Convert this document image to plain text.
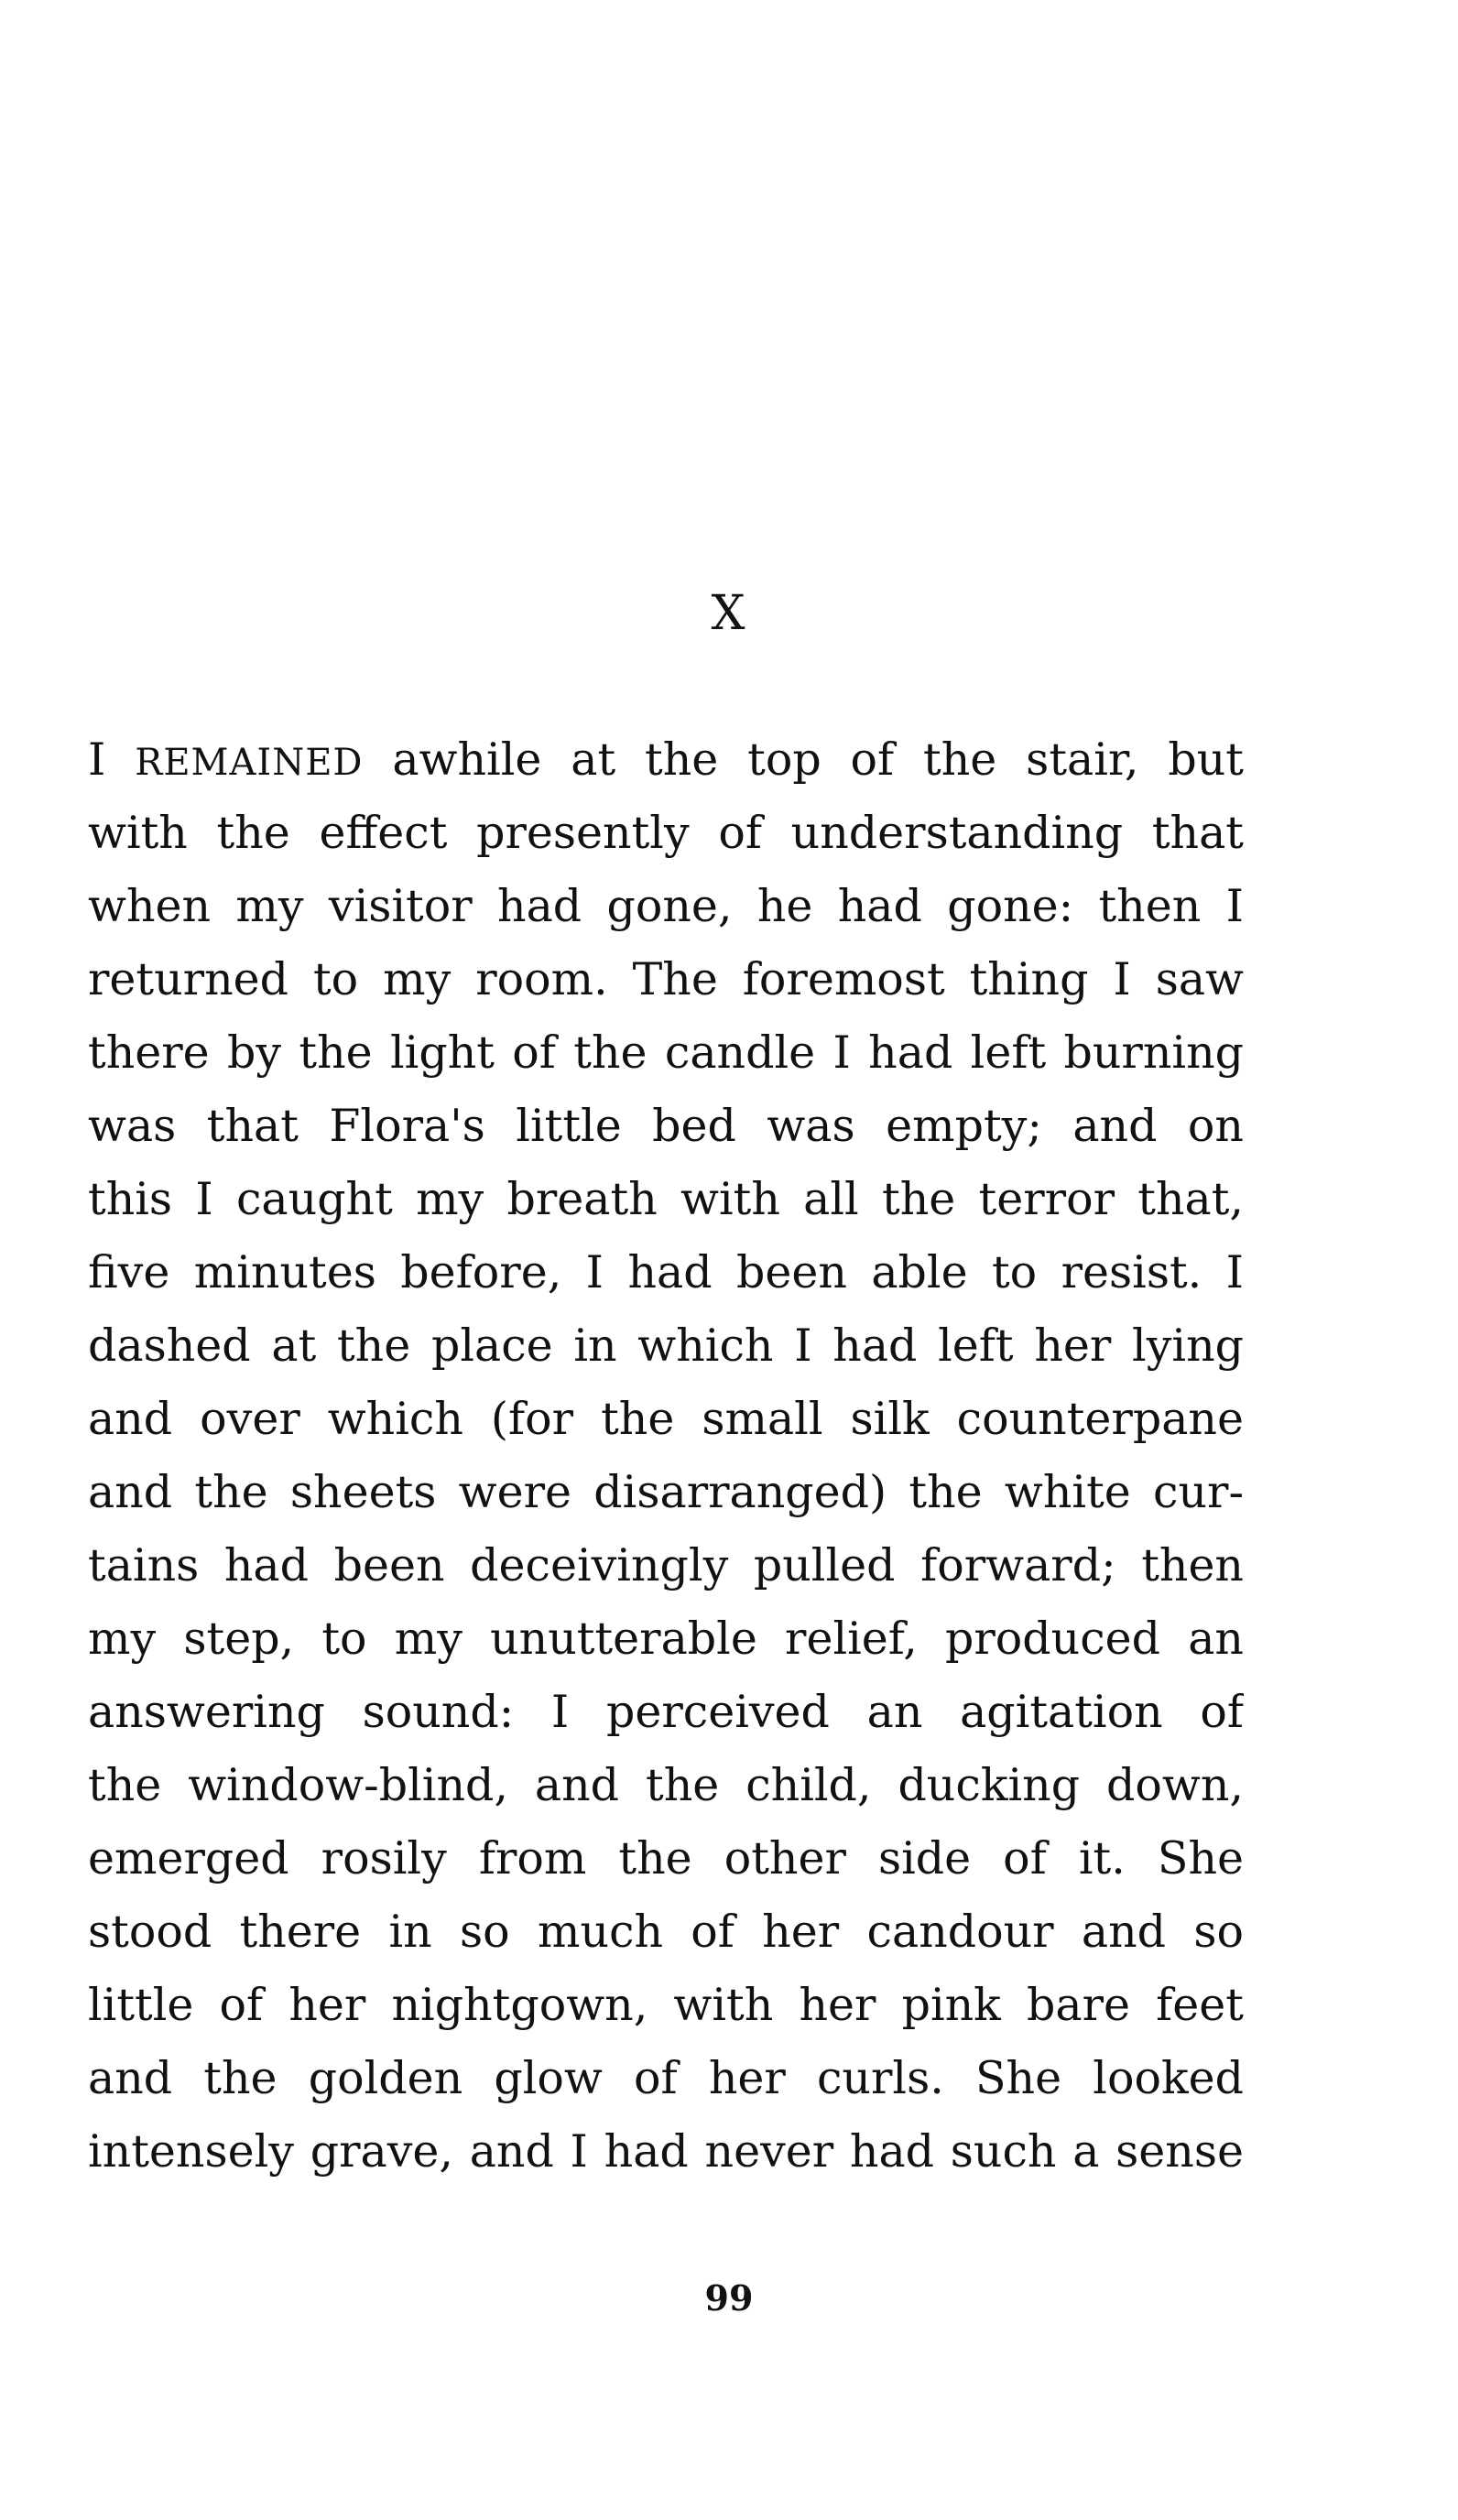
X
I REMAINED awhile at the top of the stair, but
with the effect presently of understanding that
when my visitor had gone, he had gone: then I
returned to my room. The foremost thing I saw
there by the light of the candle I had left burning
was that Flora's little bed was empty; and on
this I caught my breath with all the terror that,
five minutes before, I had been able to resist. I
dashed at the place in which I had left her lying
and over which (for the small silk counterpane
and the sheets were disarranged) the white cur-
tains had been deceivingly pulled forward; then
my step, to my unutterable relief, produced an
answering sound: I perceived an agitation of
the window-blind, and the child, ducking down,
emerged rosily from the other side of it. She
stood there in so much of her candour and so
little of her nightgown, with her pink bare feet
and the golden glow of her curls. She looked
intensely grave, and I had never had such a sense
99
